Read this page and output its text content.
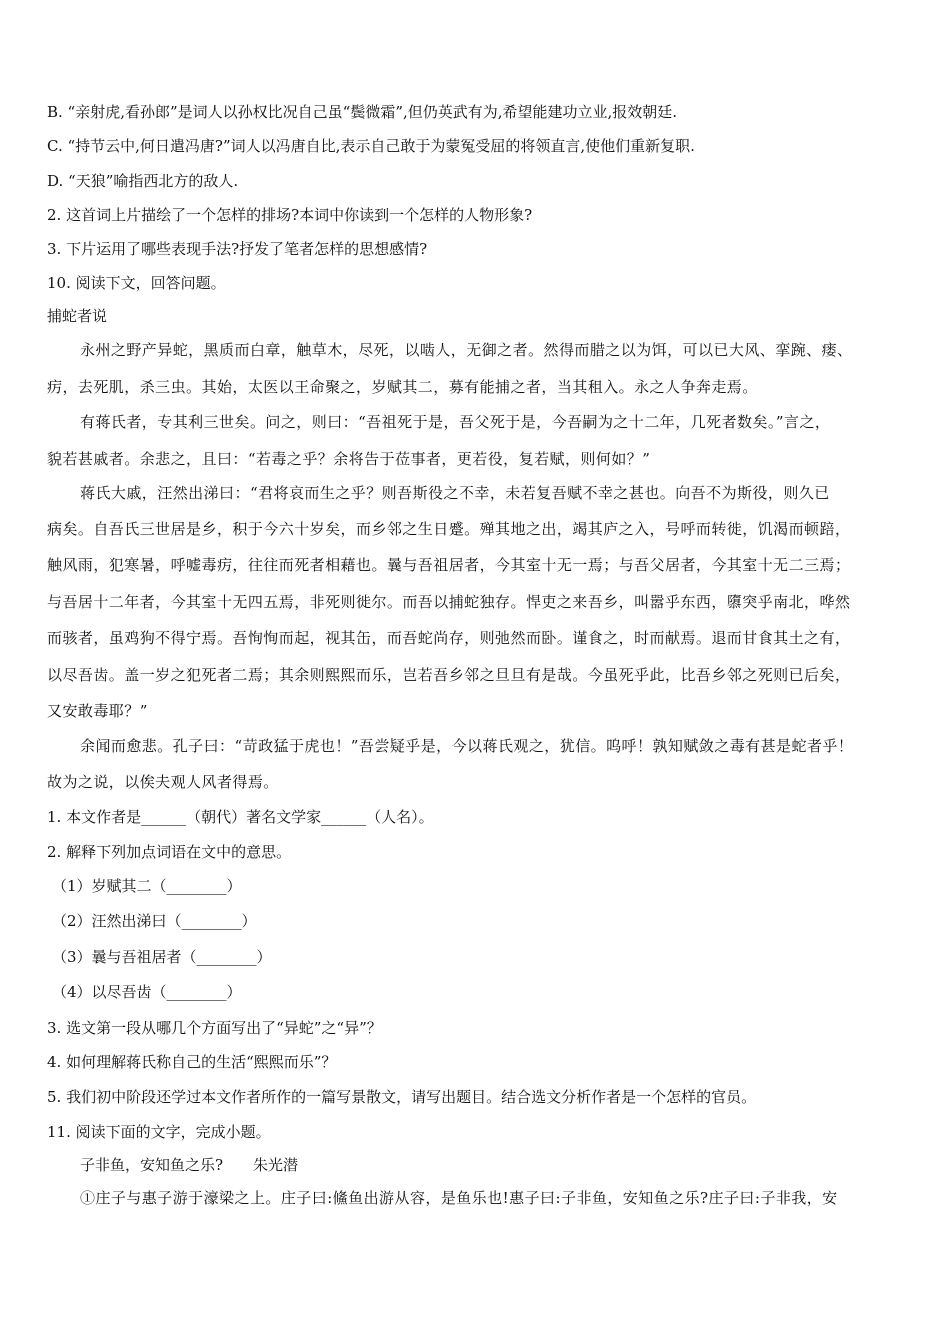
B. “亲射虎,看孙郎”是词人以孙权比况自己虽“鬓微霜”,但仍英武有为,希望能建功立业,报效朝廷.
C. “持节云中,何日遣冯唐?”词人以冯唐自比,表示自己敢于为蒙冤受屈的将领直言,使他们重新复职.
D. “天狼”喻指西北方的敌人.
2. 这首词上片描绘了一个怎样的排场?本词中你读到一个怎样的人物形象?
3. 下片运用了哪些表现手法?抒发了笔者怎样的思想感情?
10. 阅读下文，回答问题。
捕蛇者说
永州之野产异蛇，黑质而白章，触草木，尽死，以啮人，无御之者。然得而腊之以为饵，可以已大风、挛踠、瘘、
疠，去死肌，杀三虫。其始，太医以王命聚之，岁赋其二，募有能捕之者，当其租入。永之人争奔走焉。
有蒋氏者，专其利三世矣。问之，则曰：“吾祖死于是，吾父死于是，今吾嗣为之十二年，几死者数矣。”言之，
貌若甚戚者。余悲之，且曰：“若毒之乎？余将告于莅事者，更若役，复若赋，则何如？”
蒋氏大戚，汪然出涕曰：“君将哀而生之乎？则吾斯役之不幸，未若复吾赋不幸之甚也。向吾不为斯役，则久已
病矣。自吾氏三世居是乡，积于今六十岁矣，而乡邻之生日蹙。殚其地之出，竭其庐之入，号呼而转徙，饥渴而顿踣，
触风雨，犯寒暑，呼嘘毒疠，往往而死者相藉也。曩与吾祖居者，今其室十无一焉；与吾父居者，今其室十无二三焉；
与吾居十二年者，今其室十无四五焉，非死则徙尔。而吾以捕蛇独存。悍吏之来吾乡，叫嚣乎东西，隳突乎南北，哗然
而骇者，虽鸡狗不得宁焉。吾恂恂而起，视其缶，而吾蛇尚存，则弛然而卧。谨食之，时而献焉。退而甘食其土之有，
以尽吾齿。盖一岁之犯死者二焉；其余则熙熙而乐，岂若吾乡邻之旦旦有是哉。今虽死乎此，比吾乡邻之死则已后矣，
又安敢毒耶？”
余闻而愈悲。孔子曰：“苛政猛于虎也！”吾尝疑乎是，今以蒋氏观之，犹信。呜呼！孰知赋敛之毒有甚是蛇者乎！
故为之说，以俟夫观人风者得焉。
1. 本文作者是______（朝代）著名文学家______（人名）。
2. 解释下列加点词语在文中的意思。
（1）岁赋其二（________）
（2）汪然出涕曰（________）
（3）曩与吾祖居者（________）
（4）以尽吾齿（________）
3. 选文第一段从哪几个方面写出了“异蛇”之“异”？
4. 如何理解蒋氏称自己的生活“熙熙而乐”？
5. 我们初中阶段还学过本文作者所作的一篇写景散文，请写出题目。结合选文分析作者是一个怎样的官员。
11. 阅读下面的文字，完成小题。
子非鱼，安知鱼之乐?　　朱光潜
①庄子与惠子游于濠梁之上。庄子曰:鯈鱼出游从容，是鱼乐也!惠子曰:子非鱼，安知鱼之乐?庄子曰:子非我，安
